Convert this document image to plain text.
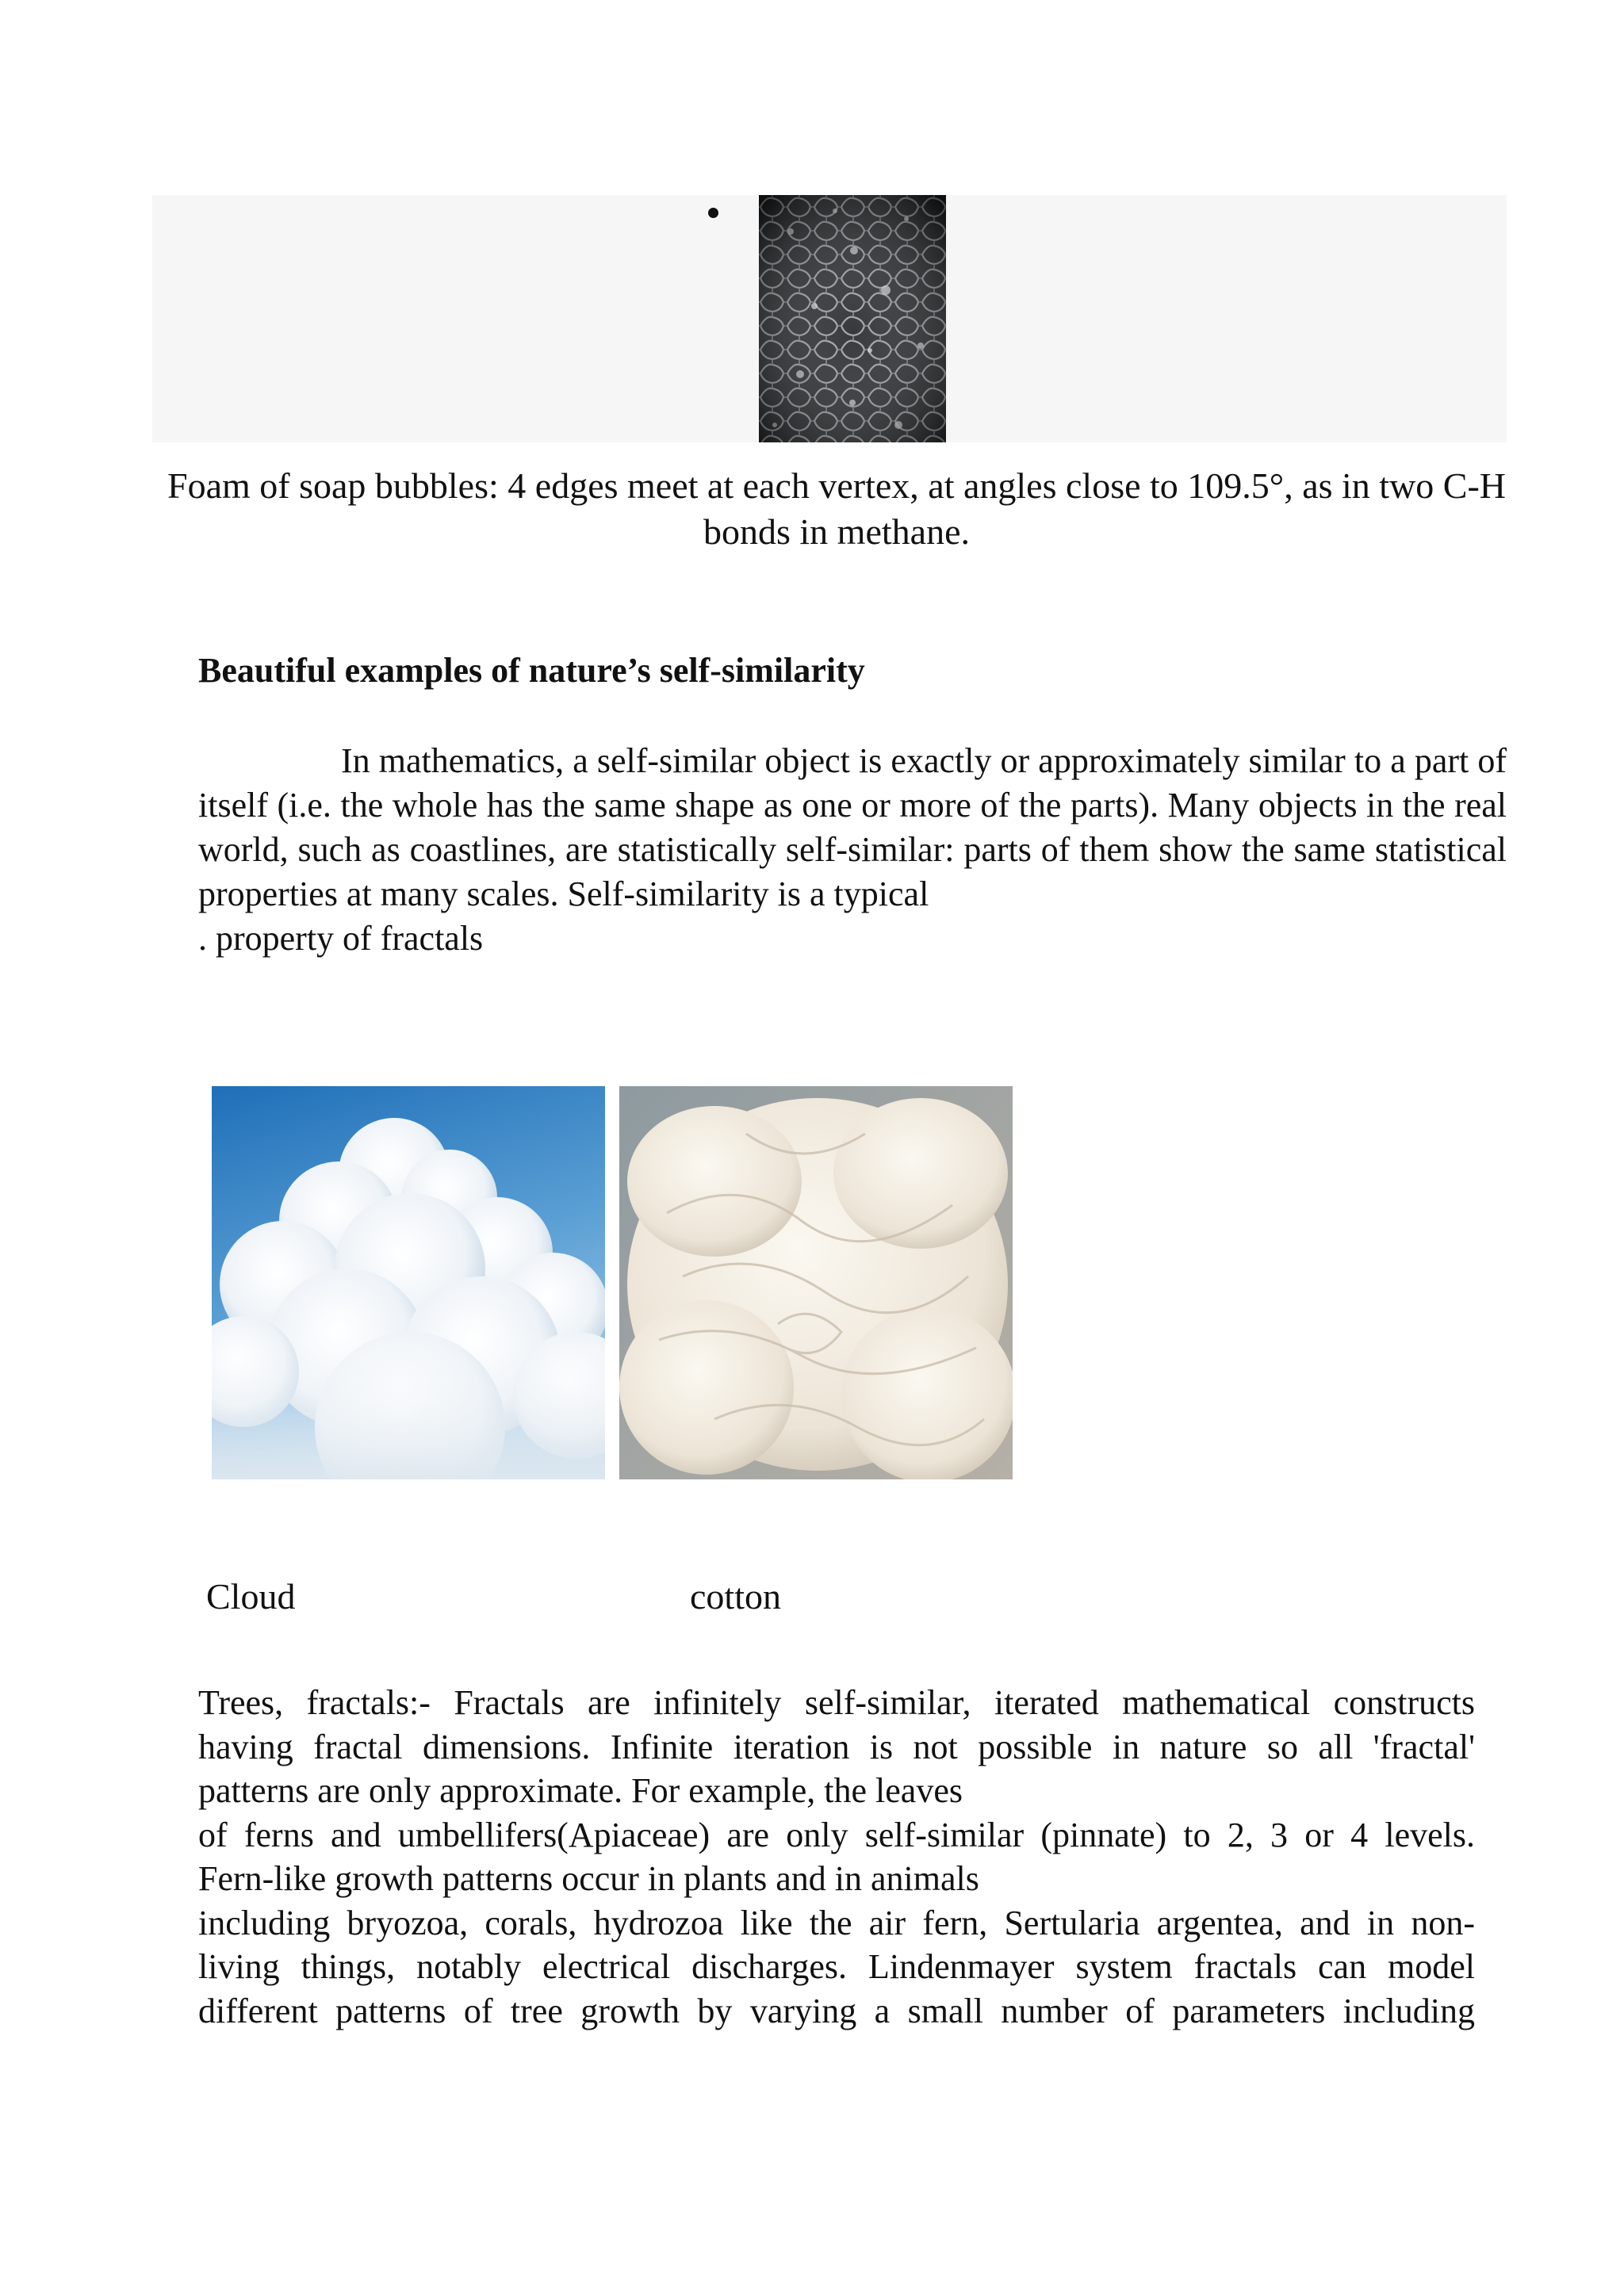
Foam of soap bubbles: 4 edges meet at each vertex, at angles close to 109.5°, as in two C-H bonds in methane.
Beautiful examples of nature’s self-similarity
In mathematics, a self-similar object is exactly or approximately similar to a part of itself (i.e. the whole has the same shape as one or more of the parts). Many objects in the real world, such as coastlines, are statistically self-similar: parts of them show the same statistical properties at many scales. Self-similarity is a typical
. property of fractals
Cloud	cotton
Trees, fractals:- Fractals are infinitely self-similar, iterated mathematical constructs
having fractal dimensions. Infinite iteration is not possible in nature so all 'fractal'
patterns are only approximate. For example, the leaves
of ferns and umbellifers(Apiaceae) are only self-similar (pinnate) to 2, 3 or 4 levels.
Fern-like growth patterns occur in plants and in animals
including bryozoa, corals, hydrozoa like the air fern, Sertularia argentea, and in non-
living things, notably electrical discharges. Lindenmayer system fractals can model
different patterns of tree growth by varying a small number of parameters including
